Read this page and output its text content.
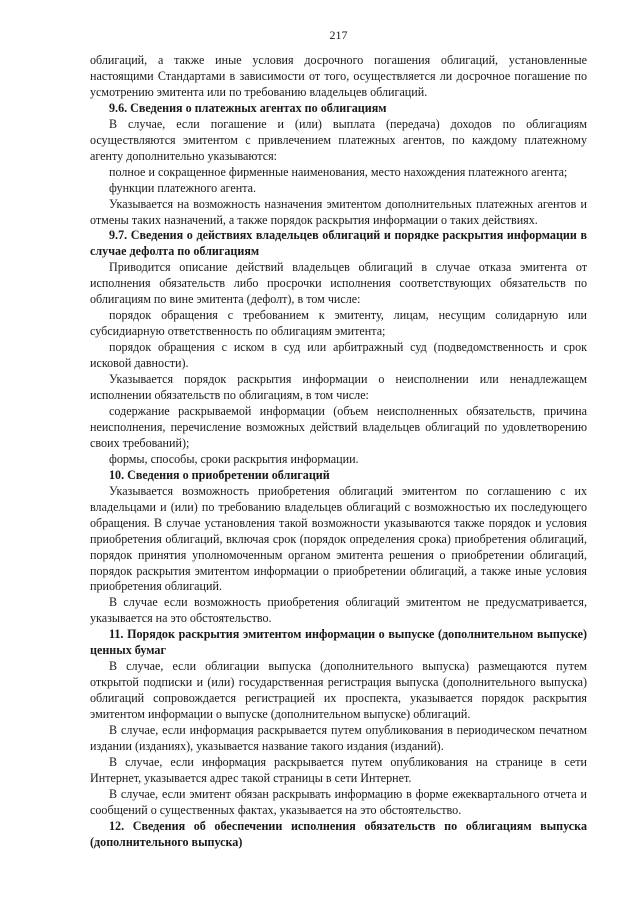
217
облигаций, а также иные условия досрочного погашения облигаций, установленные настоящими Стандартами в зависимости от того, осуществляется ли досрочное погашение по усмотрению эмитента или по требованию владельцев облигаций.
9.6. Сведения о платежных агентах по облигациям
В случае, если погашение и (или) выплата (передача) доходов по облигациям осуществляются эмитентом с привлечением платежных агентов, по каждому платежному агенту дополнительно указываются:
полное и сокращенное фирменные наименования, место нахождения платежного агента;
функции платежного агента.
Указывается на возможность назначения эмитентом дополнительных платежных агентов и отмены таких назначений, а также порядок раскрытия информации о таких действиях.
9.7. Сведения о действиях владельцев облигаций и порядке раскрытия информации в случае дефолта по облигациям
Приводится описание действий владельцев облигаций в случае отказа эмитента от исполнения обязательств либо просрочки исполнения соответствующих обязательств по облигациям по вине эмитента (дефолт), в том числе:
порядок обращения с требованием к эмитенту, лицам, несущим солидарную или субсидиарную ответственность по облигациям эмитента;
порядок обращения с иском в суд или арбитражный суд (подведомственность и срок исковой давности).
Указывается порядок раскрытия информации о неисполнении или ненадлежащем исполнении обязательств по облигациям, в том числе:
содержание раскрываемой информации (объем неисполненных обязательств, причина неисполнения, перечисление возможных действий владельцев облигаций по удовлетворению своих требований);
формы, способы, сроки раскрытия информации.
10. Сведения о приобретении облигаций
Указывается возможность приобретения облигаций эмитентом по соглашению с их владельцами и (или) по требованию владельцев облигаций с возможностью их последующего обращения. В случае установления такой возможности указываются также порядок и условия приобретения облигаций, включая срок (порядок определения срока) приобретения облигаций, порядок принятия уполномоченным органом эмитента решения о приобретении облигаций, порядок раскрытия эмитентом информации о приобретении облигаций, а также иные условия приобретения облигаций.
В случае если возможность приобретения облигаций эмитентом не предусматривается, указывается на это обстоятельство.
11. Порядок раскрытия эмитентом информации о выпуске (дополнительном выпуске) ценных бумаг
В случае, если облигации выпуска (дополнительного выпуска) размещаются путем открытой подписки и (или) государственная регистрация выпуска (дополнительного выпуска) облигаций сопровождается регистрацией их проспекта, указывается порядок раскрытия эмитентом информации о выпуске (дополнительном выпуске) облигаций.
В случае, если информация раскрывается путем опубликования в периодическом печатном издании (изданиях), указывается название такого издания (изданий).
В случае, если информация раскрывается путем опубликования на странице в сети Интернет, указывается адрес такой страницы в сети Интернет.
В случае, если эмитент обязан раскрывать информацию в форме ежеквартального отчета и сообщений о существенных фактах, указывается на это обстоятельство.
12. Сведения об обеспечении исполнения обязательств по облигациям выпуска (дополнительного выпуска)
